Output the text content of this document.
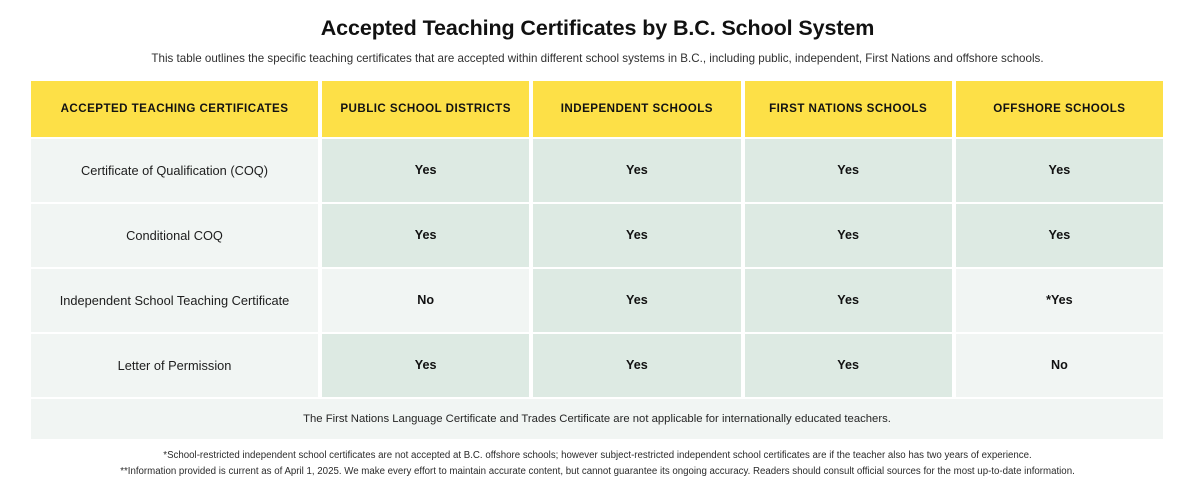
Accepted Teaching Certificates by B.C. School System

This table outlines the specific teaching certificates that are accepted within different school systems in B.C., including public, independent, First Nations and offshore schools.

ACCEPTED TEACHING CERTIFICATES	PUBLIC SCHOOL DISTRICTS	INDEPENDENT SCHOOLS	FIRST NATIONS SCHOOLS	OFFSHORE SCHOOLS
Certificate of Qualification (COQ)	Yes	Yes	Yes	Yes
Conditional COQ	Yes	Yes	Yes	Yes
Independent School Teaching Certificate	No	Yes	Yes	*Yes
Letter of Permission	Yes	Yes	Yes	No
The First Nations Language Certificate and Trades Certificate are not applicable for internationally educated teachers.
*School-restricted independent school certificates are not accepted at B.C. offshore schools; however subject-restricted independent school certificates are if the teacher also has two years of experience.
**Information provided is current as of April 1, 2025. We make every effort to maintain accurate content, but cannot guarantee its ongoing accuracy. Readers should consult official sources for the most up-to-date information.
